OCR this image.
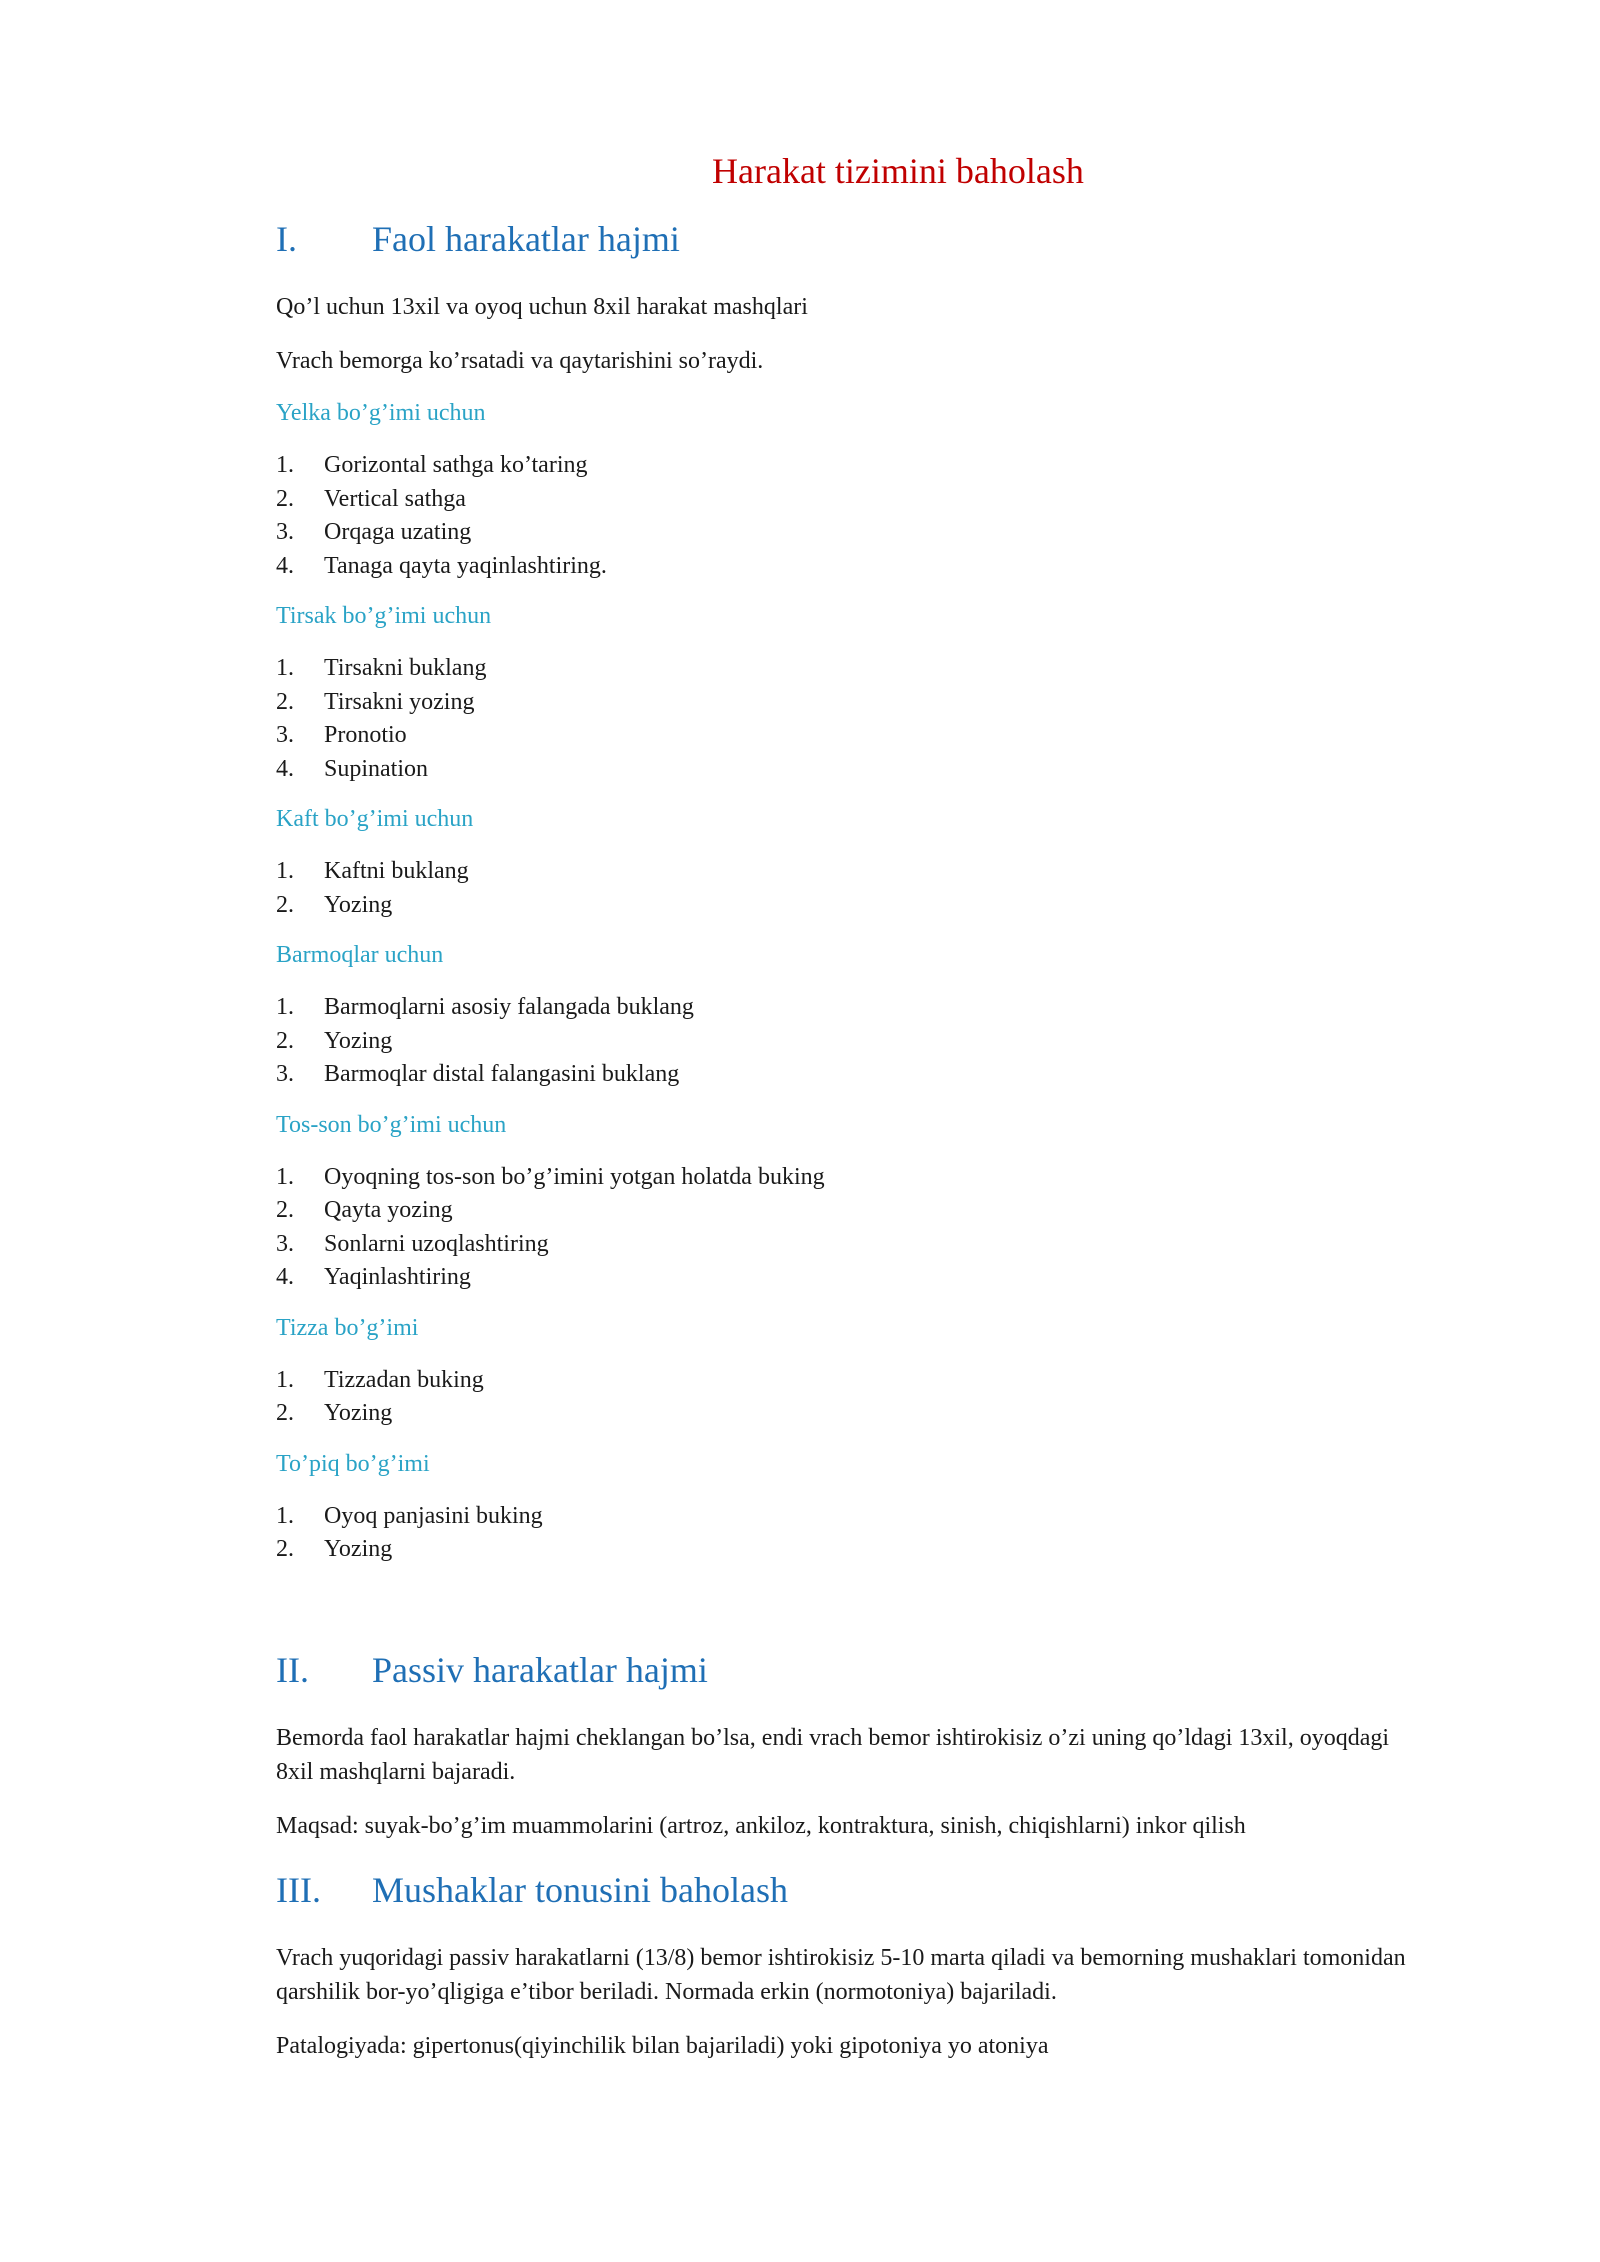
Harakat tizimini baholash
I.	Faol harakatlar hajmi

Qo’l uchun 13xil va oyoq uchun 8xil harakat mashqlari

Vrach bemorga ko’rsatadi va qaytarishini so’raydi.

Yelka bo’g’imi uchun
1.	Gorizontal sathga ko’taring
2.	Vertical sathga
3.	Orqaga uzating
4.	Tanaga qayta yaqinlashtiring.
Tirsak bo’g’imi uchun
1.	Tirsakni buklang
2.	Tirsakni yozing
3.	Pronotio
4.	Supination
Kaft bo’g’imi uchun
1.	Kaftni buklang
2.	Yozing
Barmoqlar uchun
1.	Barmoqlarni asosiy falangada buklang
2.	Yozing
3.	Barmoqlar distal falangasini buklang
Tos-son bo’g’imi uchun
1.	Oyoqning tos-son bo’g’imini yotgan holatda buking
2.	Qayta yozing
3.	Sonlarni uzoqlashtiring
4.	Yaqinlashtiring
Tizza bo’g’imi
1.	Tizzadan buking
2.	Yozing
To’piq bo’g’imi
1.	Oyoq panjasini buking
2.	Yozing
II.	Passiv harakatlar hajmi

Bemorda faol harakatlar hajmi cheklangan bo’lsa, endi vrach bemor ishtirokisiz o’zi uning qo’ldagi 13xil, oyoqdagi 8xil mashqlarni bajaradi.

Maqsad: suyak-bo’g’im muammolarini (artroz, ankiloz, kontraktura, sinish, chiqishlarni) inkor qilish

III.	Mushaklar tonusini baholash

Vrach yuqoridagi passiv harakatlarni (13/8) bemor ishtirokisiz 5-10 marta qiladi va bemorning mushaklari tomonidan qarshilik bor-yo’qligiga e’tibor beriladi. Normada erkin (normotoniya) bajariladi.

Patalogiyada: gipertonus(qiyinchilik bilan bajariladi) yoki gipotoniya yo atoniya
